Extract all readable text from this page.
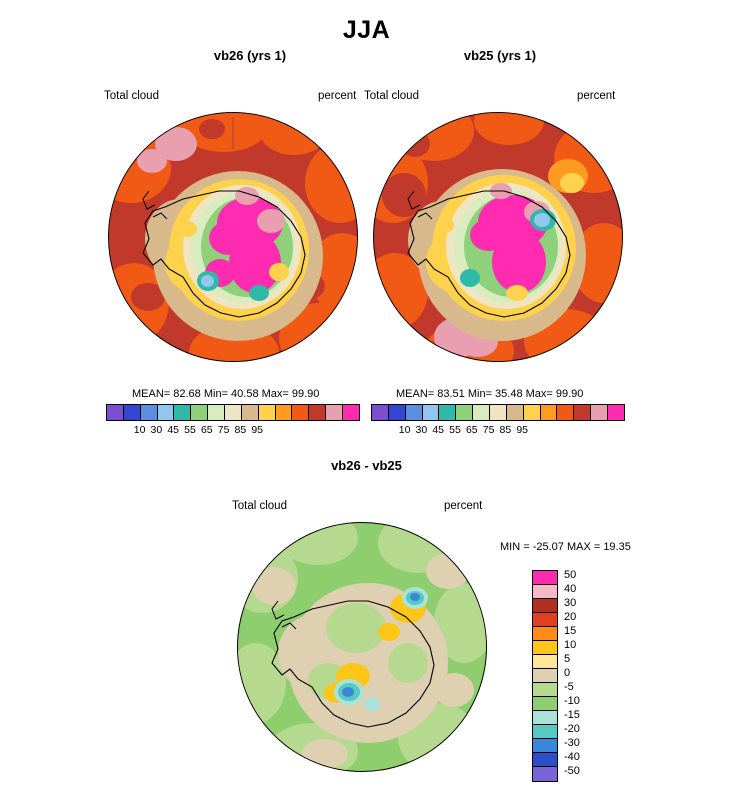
JJA
vb26 (yrs 1)
Total cloud	percent
MEAN= 82.68 Min= 40.58 Max= 99.90
10 30 45 55 65 75 85 95
vb25 (yrs 1)
Total cloud	percent
MEAN= 83.51 Min= 35.48 Max= 99.90
10 30 45 55 65 75 85 95
vb26 - vb25
Total cloud	percent
MIN = -25.07 MAX = 19.35
50
40
30
20
15
10
5
0
-5
-10
-15
-20
-30
-40
-50
